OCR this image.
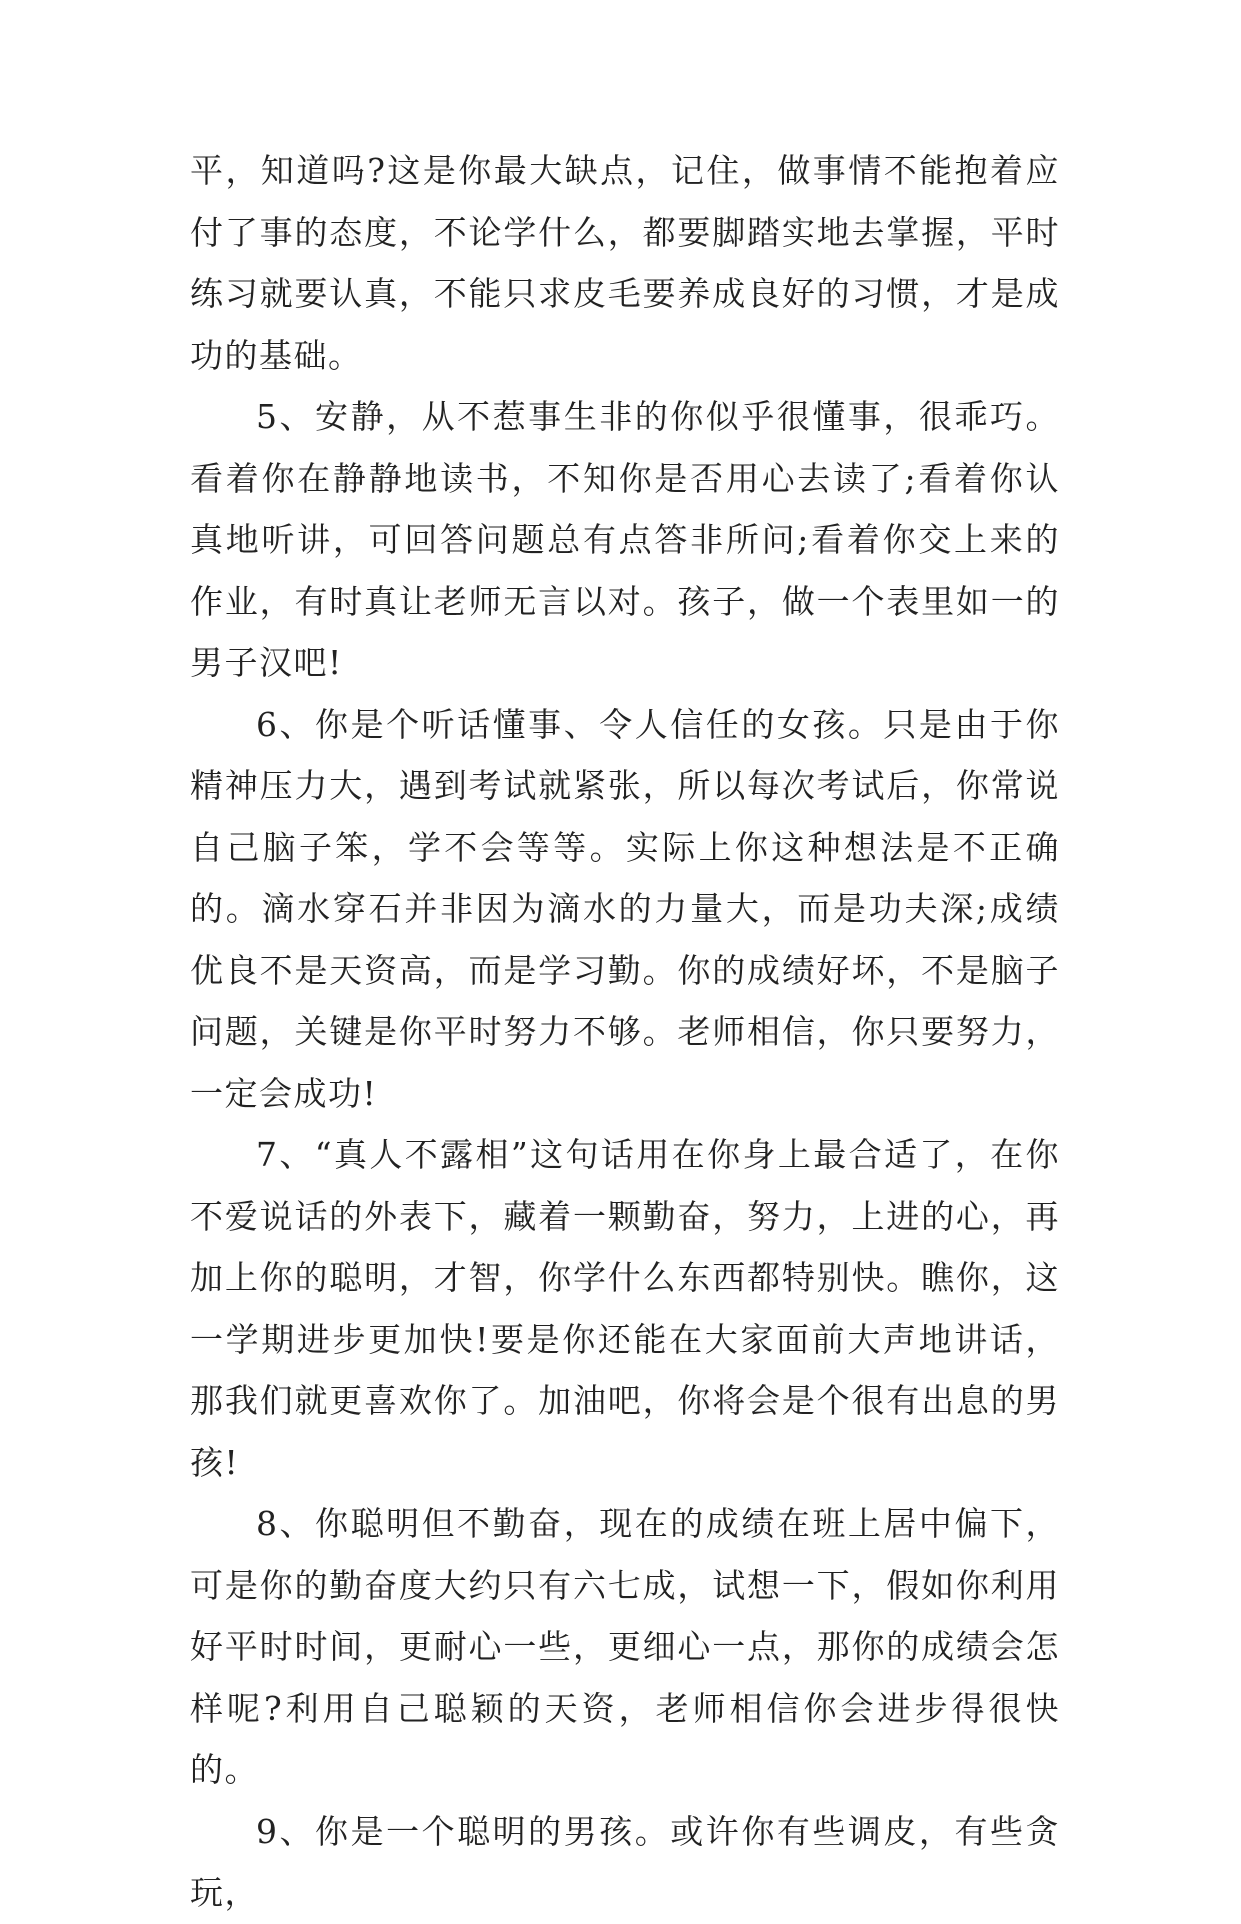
平，知道吗?这是你最大缺点，记住，做事情不能抱着应付了事的态度，不论学什么，都要脚踏实地去掌握，平时练习就要认真，不能只求皮毛要养成良好的习惯，才是成功的基础。

5、安静，从不惹事生非的你似乎很懂事，很乖巧。看着你在静静地读书，不知你是否用心去读了;看着你认真地听讲，可回答问题总有点答非所问;看着你交上来的作业，有时真让老师无言以对。孩子，做一个表里如一的男子汉吧!

6、你是个听话懂事、令人信任的女孩。只是由于你精神压力大，遇到考试就紧张，所以每次考试后，你常说自己脑子笨，学不会等等。实际上你这种想法是不正确的。滴水穿石并非因为滴水的力量大，而是功夫深;成绩优良不是天资高，而是学习勤。你的成绩好坏，不是脑子问题，关键是你平时努力不够。老师相信，你只要努力，一定会成功!

7、“真人不露相”这句话用在你身上最合适了，在你不爱说话的外表下，藏着一颗勤奋，努力，上进的心，再加上你的聪明，才智，你学什么东西都特别快。瞧你，这一学期进步更加快!要是你还能在大家面前大声地讲话，那我们就更喜欢你了。加油吧，你将会是个很有出息的男孩!

8、你聪明但不勤奋，现在的成绩在班上居中偏下，可是你的勤奋度大约只有六七成，试想一下，假如你利用好平时时间，更耐心一些，更细心一点，那你的成绩会怎样呢?利用自己聪颖的天资，老师相信你会进步得很快的。

9、你是一个聪明的男孩。或许你有些调皮，有些贪玩，
